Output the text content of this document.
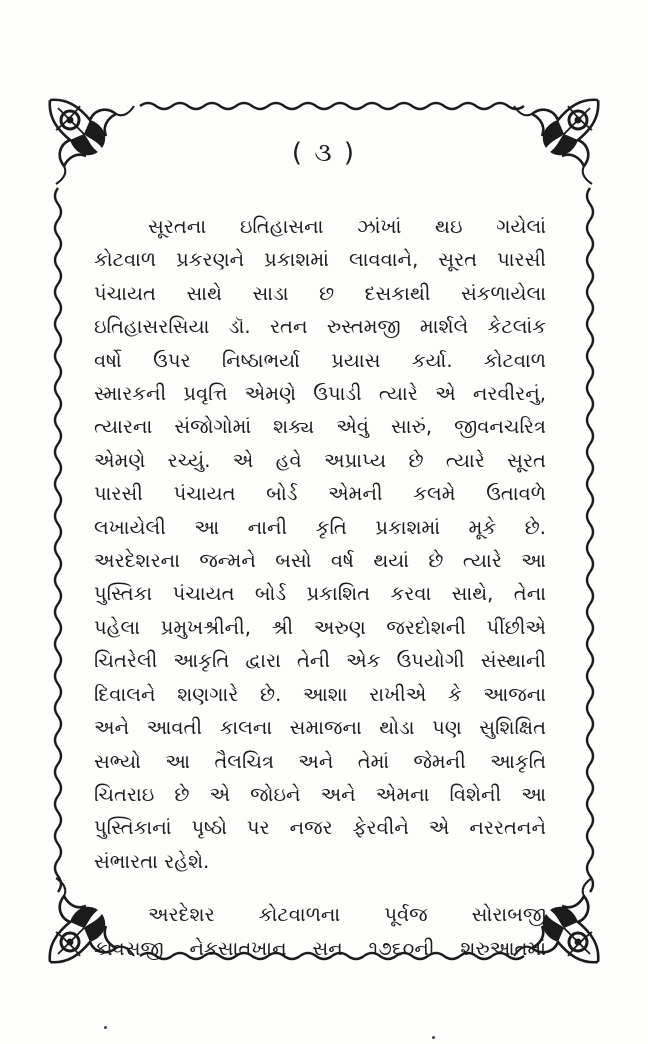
( ૩ )
સૂરતના ઇતિહાસના ઝાંખાં થઇ ગયેલાં
કોટવાળ પ્રકરણને પ્રકાશમાં લાવવાને, સૂરત પારસી
પંચાયત સાથે સાડા છ દસકાથી સંકળાયેલા
ઇતિહાસરસિયા ડૉ. રતન રુસ્તમજી માર્શલે કેટલાંક
વર્ષો ઉપર નિષ્ઠાભર્યા પ્રયાસ કર્યા. કોટવાળ
સ્મારકની પ્રવૃત્તિ એમણે ઉપાડી ત્યારે એ નરવીરનું,
ત્યારના સંજોગોમાં શક્ય એવું સારું, જીવનચરિત્ર
એમણે રચ્યું. એ હવે અપ્રાપ્ય છે ત્યારે સૂરત
પારસી પંચાયત બોર્ડ એમની કલમે ઉતાવળે
લખાયેલી આ નાની કૃતિ પ્રકાશમાં મૂકે છે.
અરદેશરના જન્મને બસો વર્ષ થયાં છે ત્યારે આ
પુસ્તિકા પંચાયત બોર્ડ પ્રકાશિત કરવા સાથે, તેના
પહેલા પ્રમુખશ્રીની, શ્રી અરુણ જરદોશની પીંછીએ
ચિતરેલી આકૃતિ દ્વારા તેની એક ઉપયોગી સંસ્થાની
દિવાલને શણગારે છે. આશા રાખીએ કે આજના
અને આવતી કાલના સમાજના થોડા પણ સુશિક્ષિત
સભ્યો આ તૈલચિત્ર અને તેમાં જેમની આકૃતિ
ચિતરાઇ છે એ જોઇને અને એમના વિશેની આ
પુસ્તિકાનાં પૃષ્ઠો પર નજર ફેરવીને એ નરરતનને
સંભારતા રહેશે.
અરદેશર કોટવાળના પૂર્વજ સોરાબજી
કાવસજી નેકસાતખાન સન ૧૭૬૦ની શરુઆતમાં
